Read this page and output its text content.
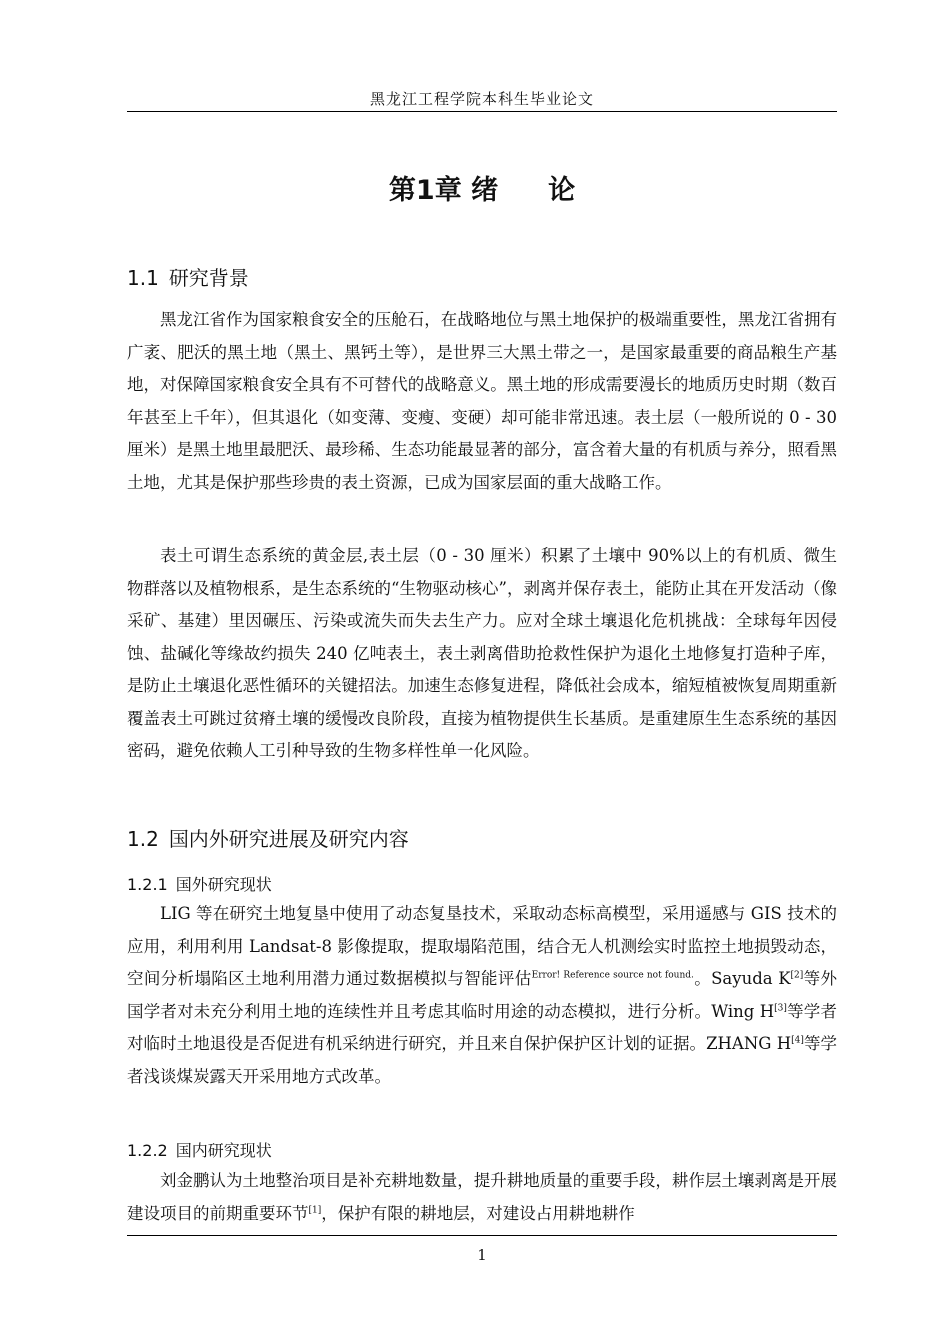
黑龙江工程学院本科生毕业论文
第1章 绪 论
1.1 研究背景

黑龙江省作为国家粮食安全的压舱石，在战略地位与黑土地保护的极端重要性，黑龙江省拥有广袤、肥沃的黑土地（黑土、黑钙土等），是世界三大黑土带之一，是国家最重要的商品粮生产基地，对保障国家粮食安全具有不可替代的战略意义。黑土地的形成需要漫长的地质历史时期（数百年甚至上千年），但其退化（如变薄、变瘦、变硬）却可能非常迅速。表土层（一般所说的 0 - 30 厘米）是黑土地里最肥沃、最珍稀、生态功能最显著的部分，富含着大量的有机质与养分，照看黑土地，尤其是保护那些珍贵的表土资源，已成为国家层面的重大战略工作。

表土可谓生态系统的黄金层,表土层（0 - 30 厘米）积累了土壤中 90%以上的有机质、微生物群落以及植物根系，是生态系统的“生物驱动核心”，剥离并保存表土，能防止其在开发活动（像采矿、基建）里因碾压、污染或流失而失去生产力。应对全球土壤退化危机挑战：全球每年因侵蚀、盐碱化等缘故约损失 240 亿吨表土，表土剥离借助抢救性保护为退化土地修复打造种子库，是防止土壤退化恶性循环的关键招法。加速生态修复进程，降低社会成本，缩短植被恢复周期重新覆盖表土可跳过贫瘠土壤的缓慢改良阶段，直接为植物提供生长基质。是重建原生生态系统的基因密码，避免依赖人工引种导致的生物多样性单一化风险。

1.2 国内外研究进展及研究内容
1.2.1 国外研究现状

LIG 等在研究土地复垦中使用了动态复垦技术，采取动态标高模型，采用遥感与 GIS 技术的应用，利用利用 Landsat-8 影像提取，提取塌陷范围，结合无人机测绘实时监控土地损毁动态，空间分析塌陷区土地利用潜力通过数据模拟与智能评估$^{Error! Reference source not found.}$。Sayuda K[2]等外国学者对未充分利用土地的连续性并且考虑其临时用途的动态模拟，进行分析。Wing H[3]等学者对临时土地退役是否促进有机采纳进行研究，并且来自保护保护区计划的证据。ZHANG H[4]等学者浅谈煤炭露天开采用地方式改革。

1.2.2 国内研究现状

刘金鹏认为土地整治项目是补充耕地数量，提升耕地质量的重要手段，耕作层土壤剥离是开展建设项目的前期重要环节[1]，保护有限的耕地层，对建设占用耕地耕作

1
